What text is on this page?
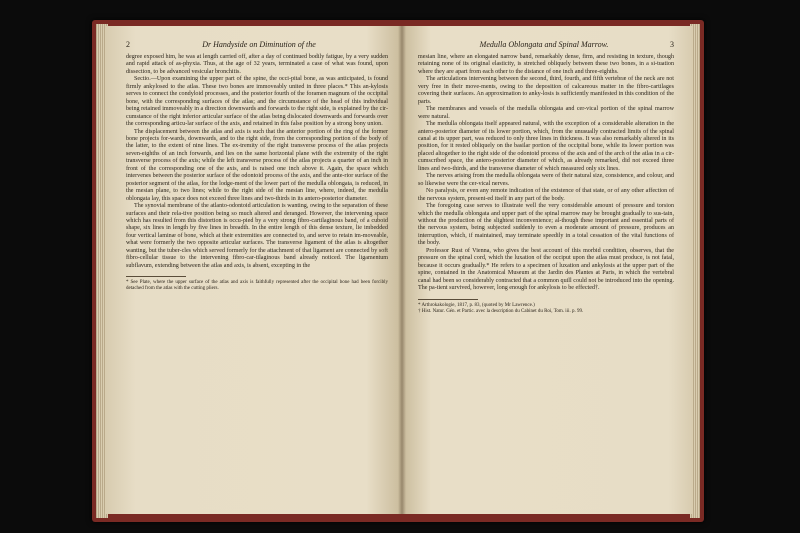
2	Dr Handyside on Diminution of the

degree exposed him, he was at length carried off, after a day of continued bodily fatigue, by a very sudden and rapid attack of as-phyxia. Thus, at the age of 32 years, terminated a case of what was found, upon dissection, to be advanced vesicular bronchitis.

Sectio.—Upon examining the upper part of the spine, the occi-pital bone, as was anticipated, is found firmly ankylosed to the atlas. These two bones are immoveably united in three places.* This an-kylosis serves to connect the condyloid processes, and the posterior fourth of the foramen magnum of the occipital bone, with the corresponding surfaces of the atlas; and the circumstance of the head of this individual being retained immoveably in a direction downwards and forwards to the right side, is explained by the cir-cumstance of the right inferior articular surface of the atlas being dislocated downwards and forwards over the corresponding articu-lar surface of the axis, and retained in this false position by a strong bony union.

The displacement between the atlas and axis is such that the anterior portion of the ring of the former bone projects for-wards, downwards, and to the right side, from the corresponding portion of the body of the latter, to the extent of nine lines. The ex-tremity of the right transverse process of the atlas projects seven-eighths of an inch forwards, and lies on the same horizontal plane with the extremity of the right transverse process of the axis; while the left transverse process of the atlas projects a quarter of an inch in front of the corresponding one of the axis, and is raised one inch above it. Again, the space which intervenes between the posterior surface of the odontoid process of the axis, and the ante-rior surface of the posterior segment of the atlas, for the lodge-ment of the lower part of the medulla oblongata, is reduced, in the mesian plane, to two lines; while to the right side of the mesian line, where, indeed, the medulla oblongata lay, this space does not exceed three lines and two-thirds in its antero-posterior diameter.

The synovial membrane of the atlanto-odontoid articulation is wanting, owing to the separation of these surfaces and their rela-tive position being so much altered and deranged. However, the intervening space which has resulted from this distortion is occu-pied by a very strong fibro-cartilaginous band, of a cuboid shape, six lines in length by five lines in breadth. In the entire length of this dense texture, lie imbedded four vertical laminæ of bone, which at their extremities are connected to, and serve to retain im-moveable, what were formerly the two opposite articular surfaces. The transverse ligament of the atlas is altogether wanting, but the tuber-cles which served formerly for the attachment of that ligament are connected by soft fibro-cellular tissue to the intervening fibro-car-tilaginous band already noticed. The ligamentum subflavum, extending between the atlas and axis, is absent, excepting in the

* See Plate, where the upper surface of the atlas and axis is faithfully represented after the occipital bone had been forcibly detached from the atlas with the cutting pliers.

Medulla Oblongata and Spinal Marrow.	3

mesian line, where an elongated narrow band, remarkably dense, firm, and resisting in texture, though retaining none of its original elasticity, is stretched obliquely between these two bones, in a si-tuation where they are apart from each other to the distance of one inch and three-eighths.

The articulations intervening between the second, third, fourth, and fifth vertebræ of the neck are not very free in their move-ments, owing to the deposition of calcareous matter in the fibro-cartilages covering their surfaces. An approximation to anky-losis is sufficiently manifested in this condition of the parts.

The membranes and vessels of the medulla oblongata and cer-vical portion of the spinal marrow were natural.

The medulla oblongata itself appeared natural, with the exception of a considerable alteration in the antero-posterior diameter of its lower portion, which, from the unusually contracted limits of the spinal canal at its upper part, was reduced to only three lines in thickness. It was also remarkably altered in its position, for it rested obliquely on the basilar portion of the occipital bone, while its lower portion was placed altogether to the right side of the odontoid process of the axis and of the arch of the atlas in a cir-cumscribed space, the antero-posterior diameter of which, as already remarked, did not exceed three lines and two-thirds, and the transverse diameter of which measured only six lines.

The nerves arising from the medulla oblongata were of their natural size, consistence, and colour, and so likewise were the cer-vical nerves.

No paralysis, or even any remote indication of the existence of that state, or of any other affection of the nervous system, present-ed itself in any part of the body.

The foregoing case serves to illustrate well the very considerable amount of pressure and torsion which the medulla oblongata and upper part of the spinal marrow may be brought gradually to sus-tain, without the production of the slightest inconvenience; al-though these important and essential parts of the nervous system, being subjected suddenly to even a moderate amount of pressure, produces an interruption, which, if maintained, may terminate speedily in a total cessation of the vital functions of the body.

Professor Rust of Vienna, who gives the best account of this morbid condition, observes, that the pressure on the spinal cord, which the luxation of the occiput upon the atlas must produce, is not fatal, because it occurs gradually.* He refers to a specimen of luxation and ankylosis at the upper part of the spine, contained in the Anatomical Museum at the Jardin des Plantes at Paris, in which the vertebral canal had been so considerably contracted that a common quill could not be introduced into the opening. The pa-tient survived, however, long enough for ankylosis to be effected†.

* Arthrokakologie, 1817, p. 83, (quoted by Mr Lawrence.)

† Hist. Natur. Gén. et Partic. avec la description du Cabinet du Roi, Tom. iii. p. 99.
